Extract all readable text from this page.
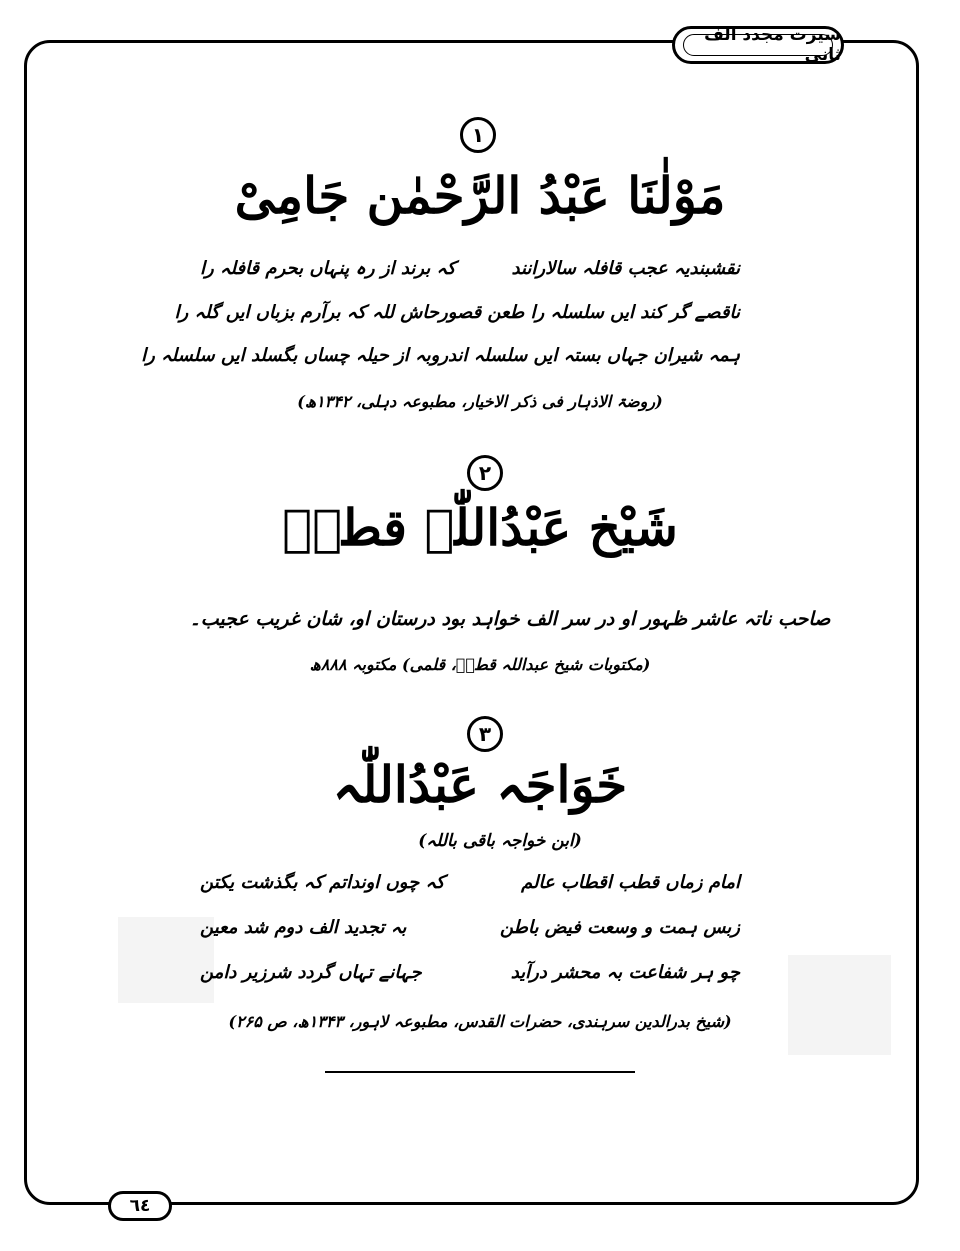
سیرت مجدد الف ثانی
١
مَوْلٰنَا عَبْدُ الرَّحْمٰن جَامِیْ
نقشبندیہ عجب قافلہ سالارانند
کہ برند از رہ پنہاں بحرم قافلہ را
ناقصے گر کند ایں سلسلہ را طعن قصور
حاش للہ کہ برآرم بزباں ایں گلہ را
ہمہ شیران جہاں بستہ ایں سلسلہ اند
روبہ از حیلہ چساں بگسلد ایں سلسلہ را
(روضۃ الاذہار فی ذکر الاخیار، مطبوعہ دہلی، ۱۳۴۲ھ)
٢
شَیْخ عَبْدُاللّٰہ قطبؒ
صاحب ناتہ عاشر ظہور او در سر الف خواہد بود درستان او، شان غریب عجیب۔
(مکتوبات شیخ عبداللہ قطبؒ، قلمی) مکتوبہ ۸۸۸ھ
٣
خَوَاجَہ عَبْدُاللّٰہ
(ابن خواجہ باقی باللہ)
امام زماں قطب اقطاب عالم
کہ چوں اونداتم کہ بگذشت یکتن
زبس ہمت و وسعت فیض باطن
بہ تجدید الف دوم شد معین
چو ہر شفاعت بہ محشر درآید
جہانے تہاں گردد شرزیر دامن
(شیخ بدرالدین سرہندی، حضرات القدس، مطبوعہ لاہور، ۱۳۴۳ھ، ص ۲۶۵)
٦٤
